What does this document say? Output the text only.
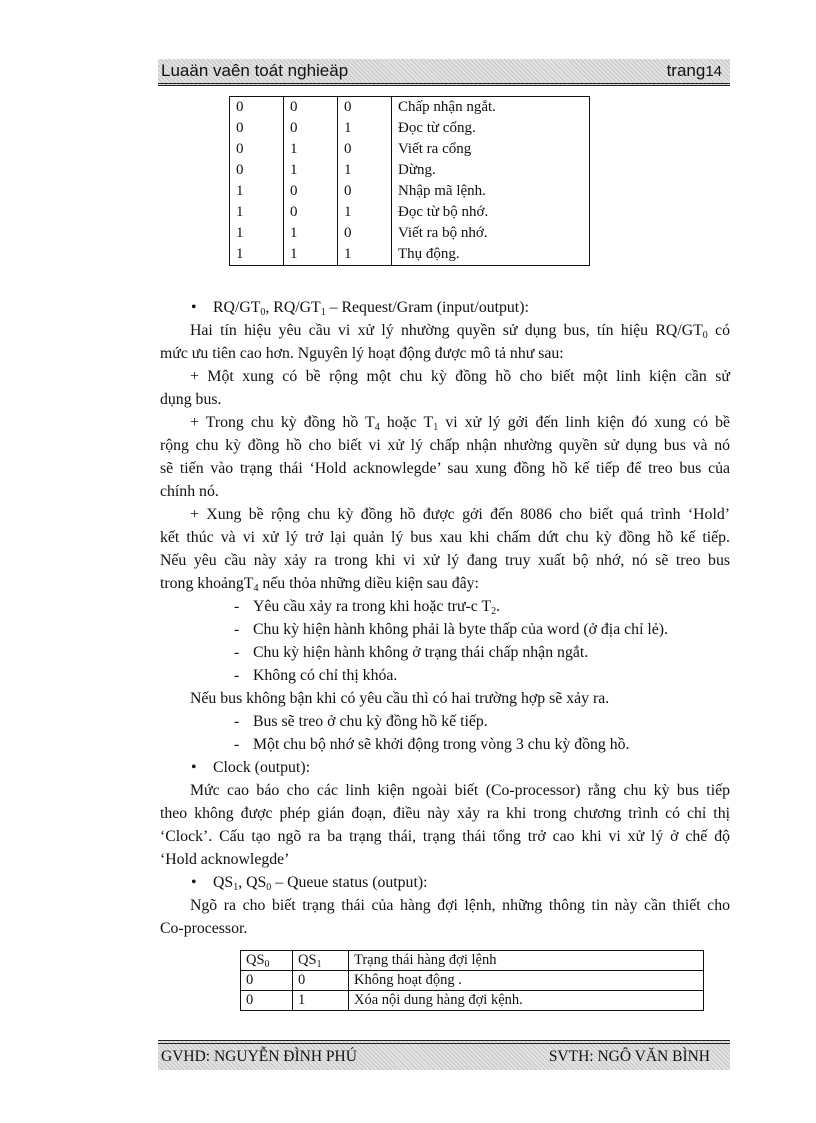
Luaän vaên toát nghieäp	trang14
0	0	0	Chấp nhận ngắt.
0	0	1	Đọc từ cổng.
0	1	0	Viết ra cổng
0	1	1	Dừng.
1	0	0	Nhập mã lệnh.
1	0	1	Đọc từ bộ nhớ.
1	1	0	Viết ra bộ nhớ.
1	1	1	Thụ động.
• $RQ/GT_0$, $RQ/GT_1$ – Request/Gram (input/output):
Hai tín hiệu yêu cầu vi xử lý nhường quyền sử dụng bus, tín hiệu $RQ/GT_0$ có
mức ưu tiên cao hơn. Nguyên lý hoạt động được mô tả như sau:
+ Một xung có bề rộng một chu kỳ đồng hồ cho biết một linh kiện cần sử
dụng bus.
+ Trong chu kỳ đồng hồ $T_4$ hoặc $T_1$ vi xử lý gởi đến linh kiện đó xung có bề
rộng chu kỳ đồng hồ cho biết vi xử lý chấp nhận nhường quyền sử dụng bus và nó
sẽ tiến vào trạng thái ‘Hold acknowlegde’ sau xung đồng hồ kế tiếp để treo bus của
chính nó.
+ Xung bề rộng chu kỳ đồng hồ được gởi đến 8086 cho biết quá trình ‘Hold’
kết thúc và vi xử lý trở lại quản lý bus xau khi chấm dứt chu kỳ đồng hồ kế tiếp.
Nếu yêu cầu này xảy ra trong khi vi xử lý đang truy xuất bộ nhớ, nó sẽ treo bus
trong khoảngT$_4$ nếu thỏa những diều kiện sau đây:
- Yêu cầu xảy ra trong khi hoặc trư-c $T_2$.
- Chu kỳ hiện hành không phải là byte thấp của word (ở địa chỉ lẻ).
- Chu kỳ hiện hành không ở trạng thái chấp nhận ngắt.
- Không có chỉ thị khóa.
Nếu bus không bận khi có yêu cầu thì có hai trường hợp sẽ xảy ra.
- Bus sẽ treo ở chu kỳ đồng hồ kế tiếp.
- Một chu bộ nhớ sẽ khởi động trong vòng 3 chu kỳ đồng hồ.
• Clock (output):
Mức cao báo cho các linh kiện ngoài biết (Co-processor) rằng chu kỳ bus tiếp
theo không được phép gián đoạn, điều này xảy ra khi trong chương trình có chỉ thị
‘Clock’. Cấu tạo ngõ ra ba trạng thái, trạng thái tổng trở cao khi vi xử lý ở chế độ
‘Hold acknowlegde’
• $QS_1$, $QS_0$ – Queue status (output):
Ngõ ra cho biết trạng thái của hàng đợi lệnh, những thông tin này cần thiết cho
Co-processor.
$QS_0$	$QS_1$	Trạng thái hàng đợi lệnh
0	0	Không hoạt động .
0	1	Xóa nội dung hàng đợi kệnh.
GVHD: NGUYỄN ĐÌNH PHÚ	SVTH: NGÔ VĂN BÌNH
